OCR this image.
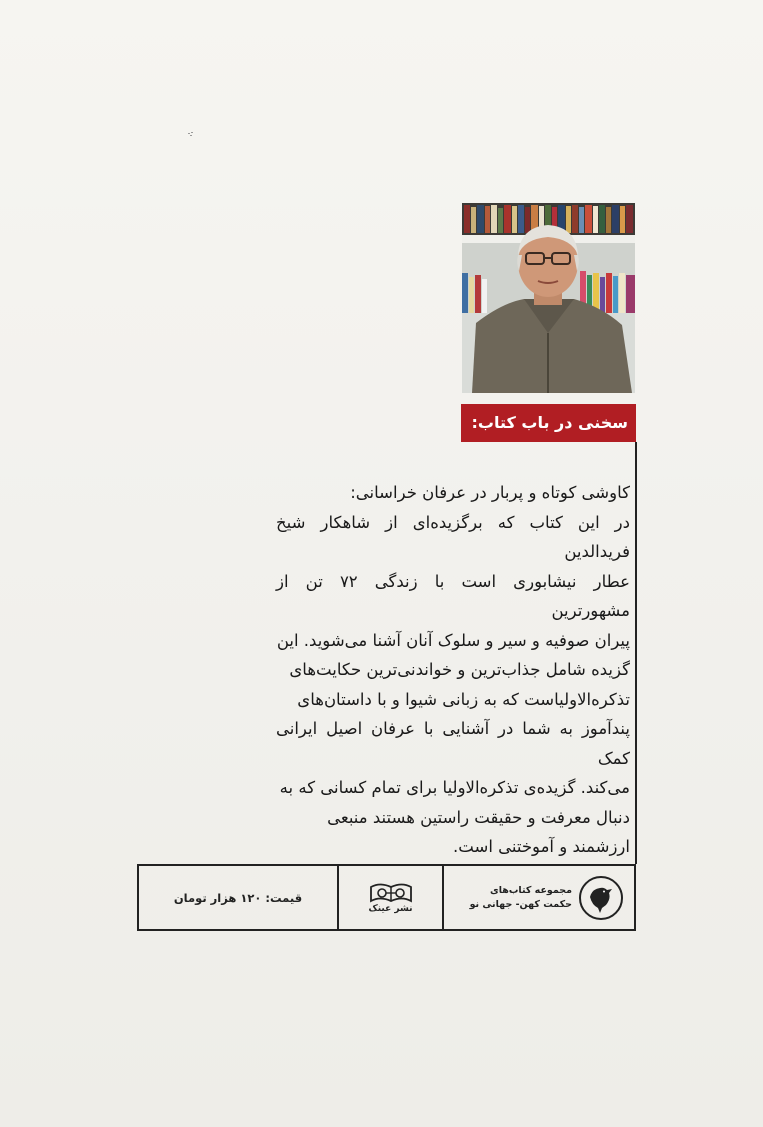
سخنی در باب کتاب:
کاوشی کوتاه و پربار در عرفان خراسانی:
در این کتاب که برگزیده‌ای از شاهکار شیخ فریدالدین
عطار نیشابوری است با زندگی ۷۲ تن از مشهورترین
پیران صوفیه و سیر و سلوک آنان آشنا می‌شوید. این
گزیده شامل جذاب‌ترین و خواندنی‌ترین حکایت‌های
تذکره‌الاولیاست که به زبانی شیوا و با داستان‌های
پندآموز به شما در آشنایی با عرفان اصیل ایرانی کمک
می‌کند. گزیده‌ی تذکره‌الاولیا برای تمام کسانی که به
دنبال معرفت و حقیقت راستین هستند منبعی
ارزشمند و آموختنی است.
قیمت: ۱۲۰ هزار تومان
نشر عینک
مجموعه کتاب‌های
حکمت کهن- جهانی نو
